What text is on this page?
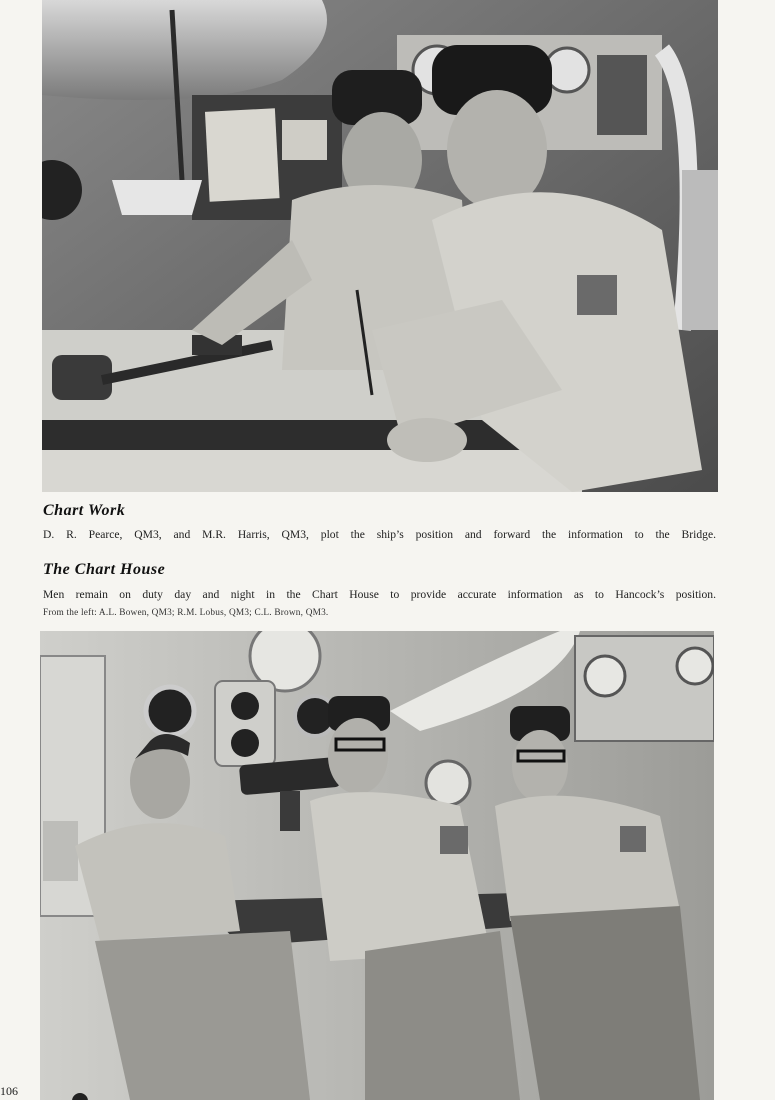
Chart Work
D. R. Pearce, QM3, and M.R. Harris, QM3, plot the ship’s position and forward the information to the Bridge.
The Chart House
Men remain on duty day and night in the Chart House to provide accurate information as to Hancock’s position.
From the left: A.L. Bowen, QM3; R.M. Lobus, QM3; C.L. Brown, QM3.
106
